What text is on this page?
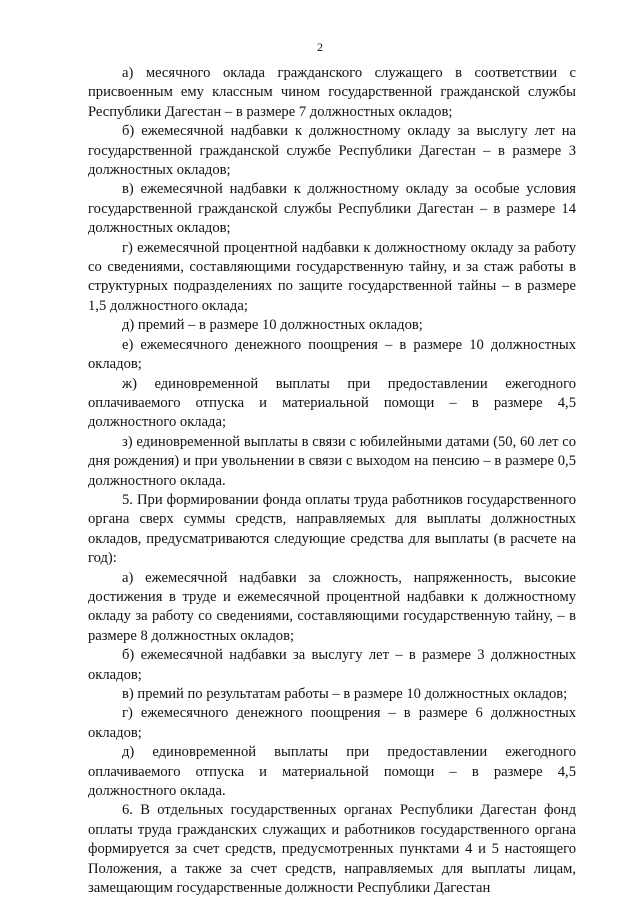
2

а) месячного оклада гражданского служащего в соответствии с присвоенным ему классным чином государственной гражданской службы Республики Дагестан – в размере 7 должностных окладов;

б) ежемесячной надбавки к должностному окладу за выслугу лет на государственной гражданской службе Республики Дагестан – в размере 3 должностных окладов;

в) ежемесячной надбавки к должностному окладу за особые условия государственной гражданской службы Республики Дагестан – в размере 14 должностных окладов;

г) ежемесячной процентной надбавки к должностному окладу за работу со сведениями, составляющими государственную тайну, и за стаж работы в структурных подразделениях по защите государственной тайны – в размере 1,5 должностного оклада;

д) премий – в размере 10 должностных окладов;

е) ежемесячного денежного поощрения – в размере 10 должностных окладов;

ж) единовременной выплаты при предоставлении ежегодного оплачиваемого отпуска и материальной помощи – в размере 4,5 должностного оклада;

з) единовременной выплаты в связи с юбилейными датами (50, 60 лет со дня рождения) и при увольнении в связи с выходом на пенсию – в размере 0,5 должностного оклада.

5. При формировании фонда оплаты труда работников государственного органа сверх суммы средств, направляемых для выплаты должностных окладов, предусматриваются следующие средства для выплаты (в расчете на год):

а) ежемесячной надбавки за сложность, напряженность, высокие достижения в труде и ежемесячной процентной надбавки к должностному окладу за работу со сведениями, составляющими государственную тайну, – в размере 8 должностных окладов;

б) ежемесячной надбавки за выслугу лет – в размере 3 должностных окладов;

в) премий по результатам работы – в размере 10 должностных окладов;

г) ежемесячного денежного поощрения – в размере 6 должностных окладов;

д) единовременной выплаты при предоставлении ежегодного оплачиваемого отпуска и материальной помощи – в размере 4,5 должностного оклада.

6. В отдельных государственных органах Республики Дагестан фонд оплаты труда гражданских служащих и работников государственного органа формируется за счет средств, предусмотренных пунктами 4 и 5 настоящего Положения, а также за счет средств, направляемых для выплаты лицам, замещающим государственные должности Республики Дагестан
